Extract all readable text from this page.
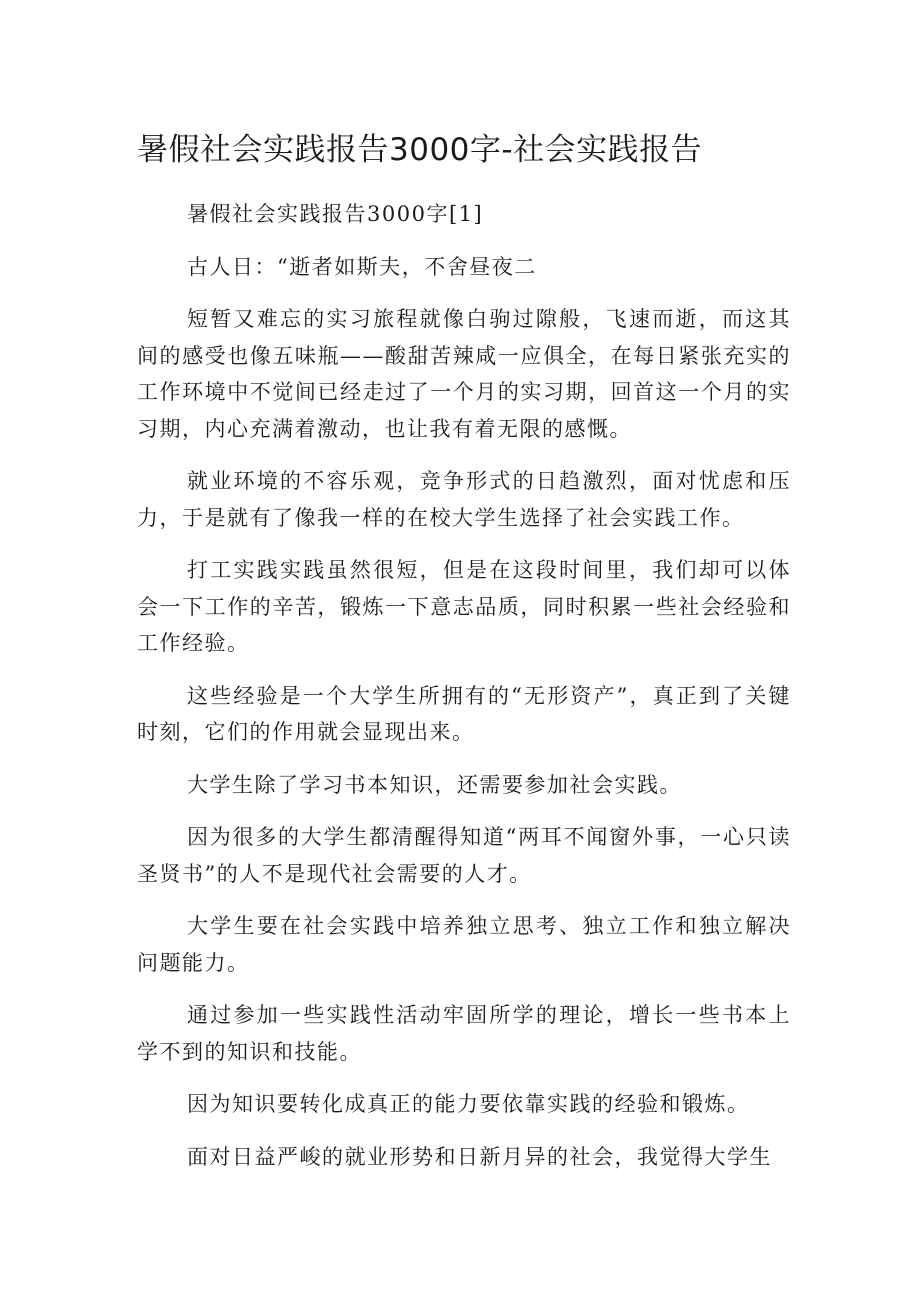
暑假社会实践报告3000字-社会实践报告

暑假社会实践报告3000字[1]

古人日：“逝者如斯夫，不舍昼夜二

短暂又难忘的实习旅程就像白驹过隙般，飞速而逝，而这其间的感受也像五味瓶——酸甜苦辣咸一应俱全，在每日紧张充实的工作环境中不觉间已经走过了一个月的实习期，回首这一个月的实习期，内心充满着激动，也让我有着无限的感慨。

就业环境的不容乐观，竞争形式的日趋激烈，面对忧虑和压力，于是就有了像我一样的在校大学生选择了社会实践工作。

打工实践实践虽然很短，但是在这段时间里，我们却可以体会一下工作的辛苦，锻炼一下意志品质，同时积累一些社会经验和工作经验。

这些经验是一个大学生所拥有的“无形资产”，真正到了关键时刻，它们的作用就会显现出来。

大学生除了学习书本知识，还需要参加社会实践。

因为很多的大学生都清醒得知道“两耳不闻窗外事，一心只读圣贤书”的人不是现代社会需要的人才。

大学生要在社会实践中培养独立思考、独立工作和独立解决问题能力。

通过参加一些实践性活动牢固所学的理论，增长一些书本上学不到的知识和技能。

因为知识要转化成真正的能力要依靠实践的经验和锻炼。

面对日益严峻的就业形势和日新月异的社会，我觉得大学生
